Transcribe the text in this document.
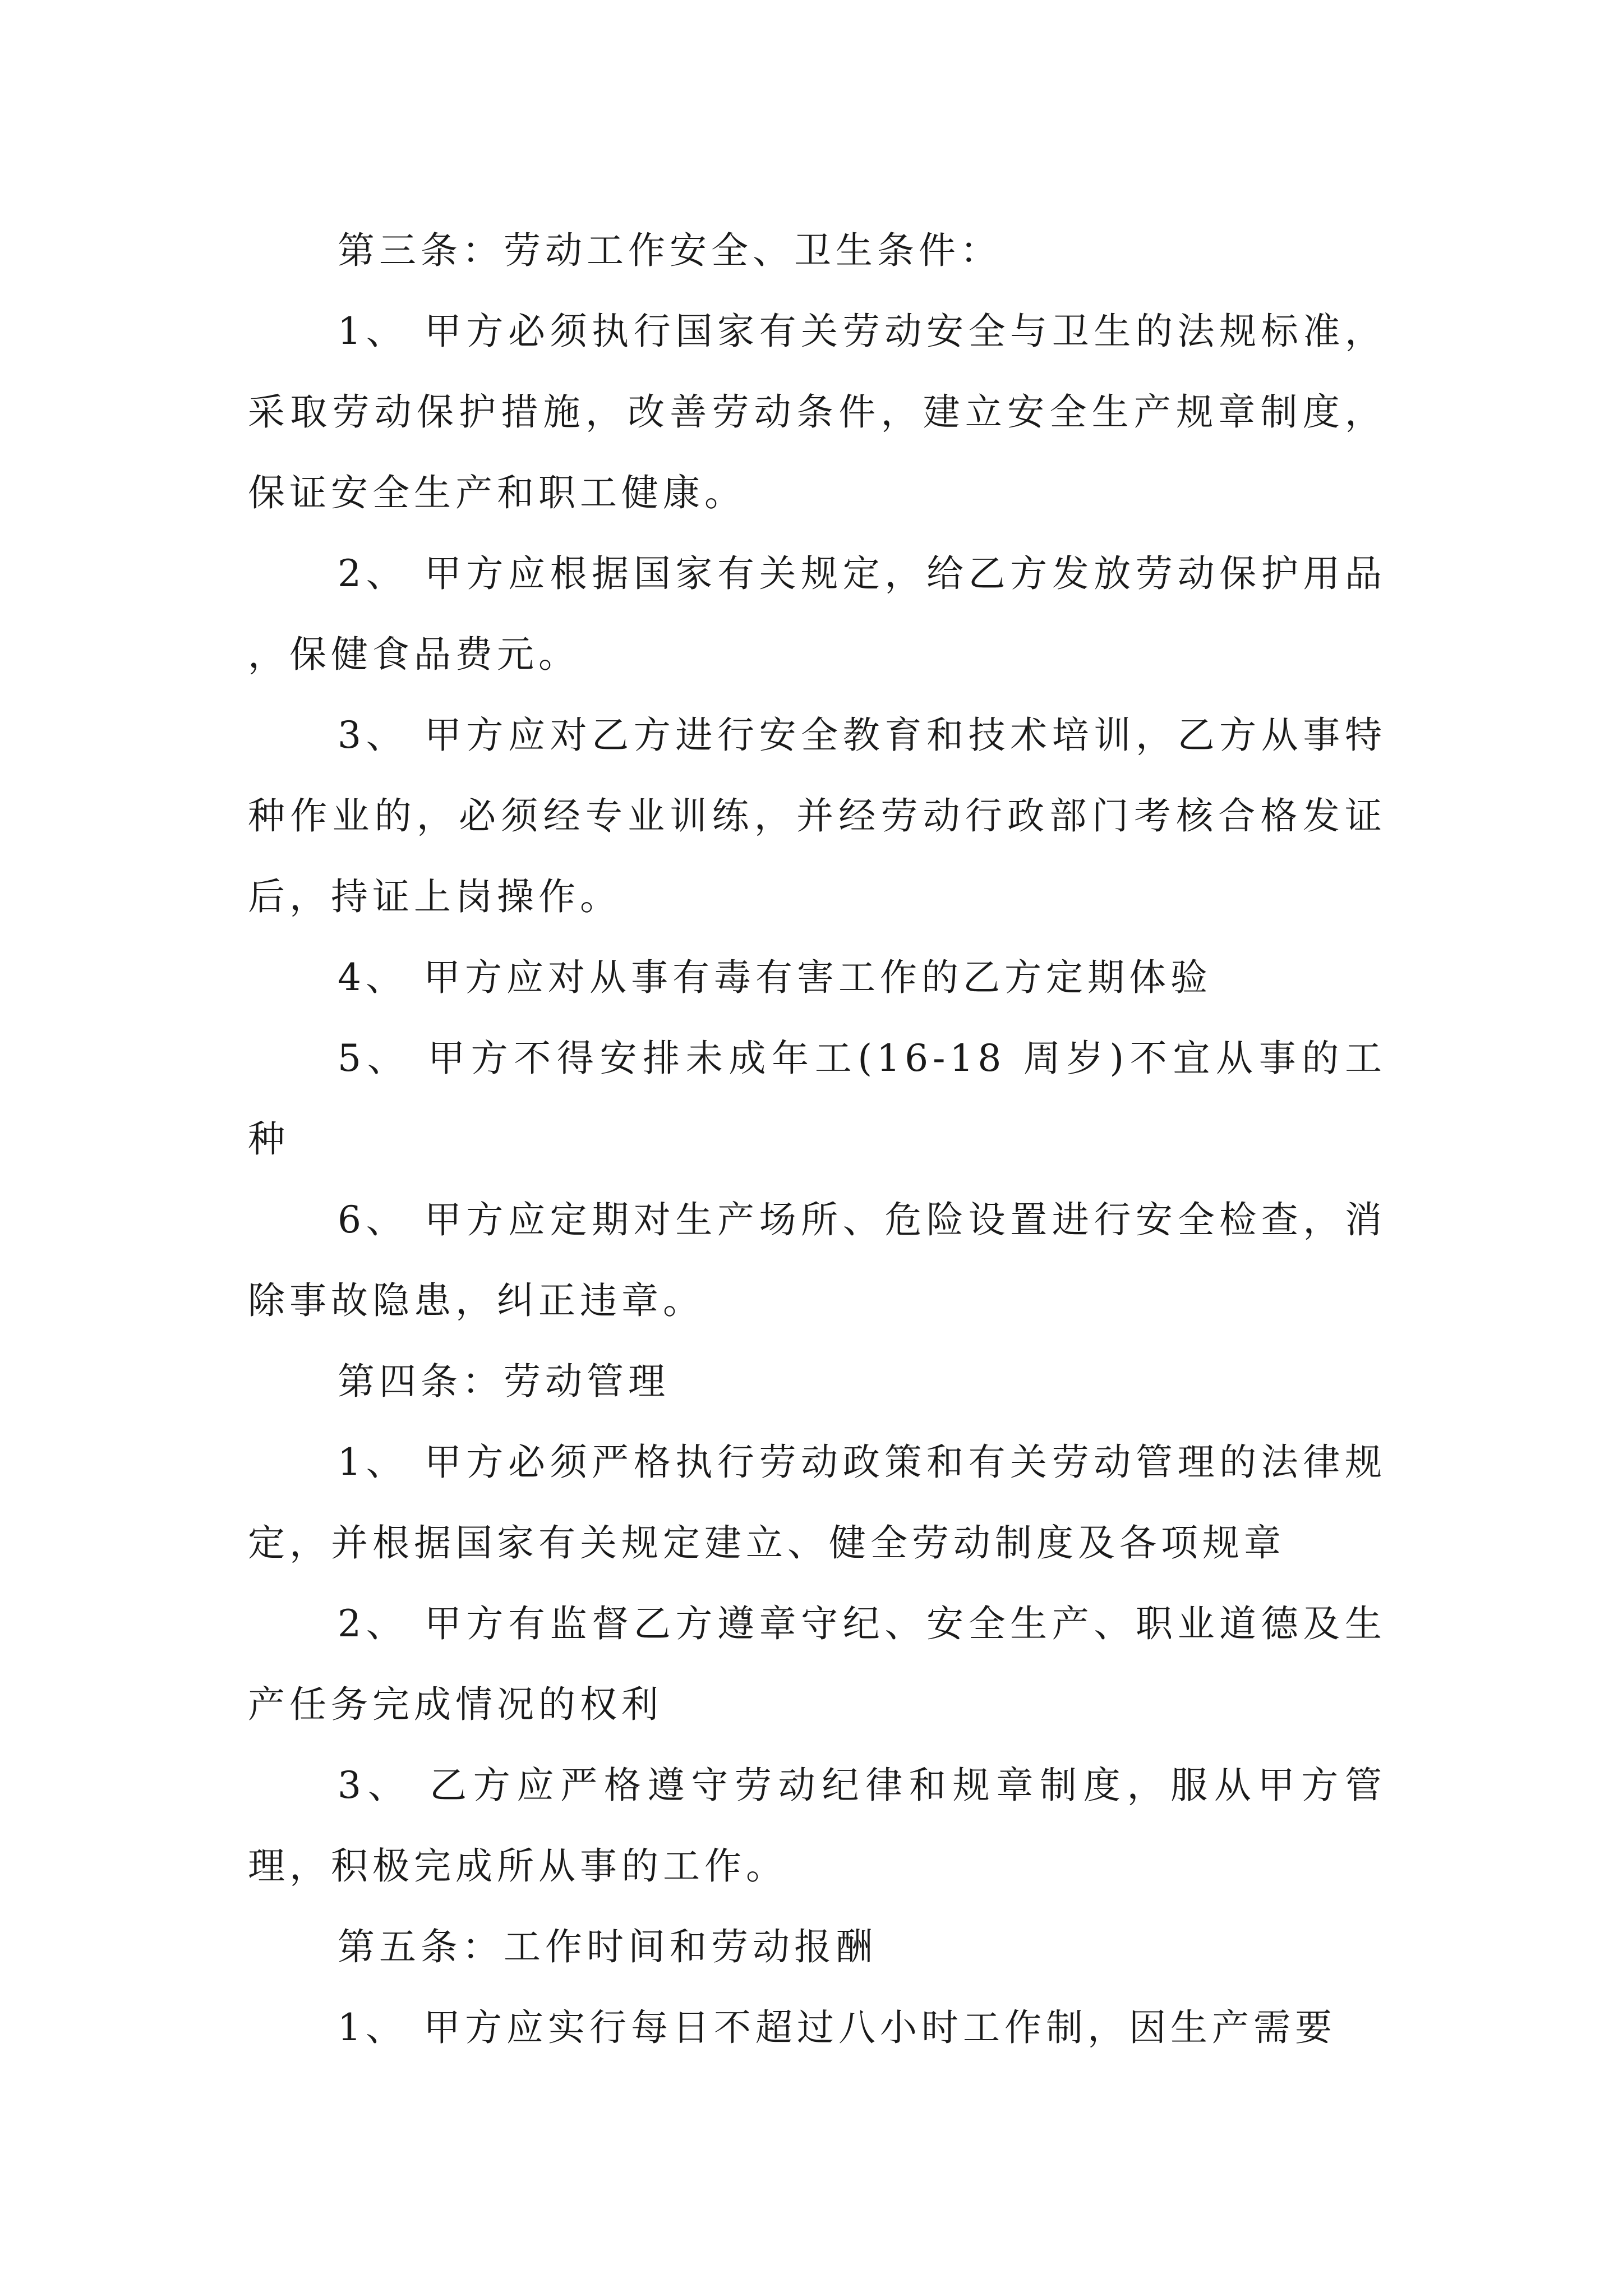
第三条：劳动工作安全、卫生条件：

1、 甲方必须执行国家有关劳动安全与卫生的法规标准，采取劳动保护措施，改善劳动条件，建立安全生产规章制度，保证安全生产和职工健康。

2、 甲方应根据国家有关规定，给乙方发放劳动保护用品 ，保健食品费元。

3、 甲方应对乙方进行安全教育和技术培训，乙方从事特种作业的，必须经专业训练，并经劳动行政部门考核合格发证后，持证上岗操作。

4、 甲方应对从事有毒有害工作的乙方定期体验

5、 甲方不得安排未成年工(16-18 周岁)不宜从事的工种

6、 甲方应定期对生产场所、危险设置进行安全检查，消除事故隐患，纠正违章。

第四条：劳动管理

1、 甲方必须严格执行劳动政策和有关劳动管理的法律规定，并根据国家有关规定建立、健全劳动制度及各项规章

2、 甲方有监督乙方遵章守纪、安全生产、职业道德及生产任务完成情况的权利

3、 乙方应严格遵守劳动纪律和规章制度，服从甲方管理，积极完成所从事的工作。

第五条：工作时间和劳动报酬

1、 甲方应实行每日不超过八小时工作制，因生产需要
